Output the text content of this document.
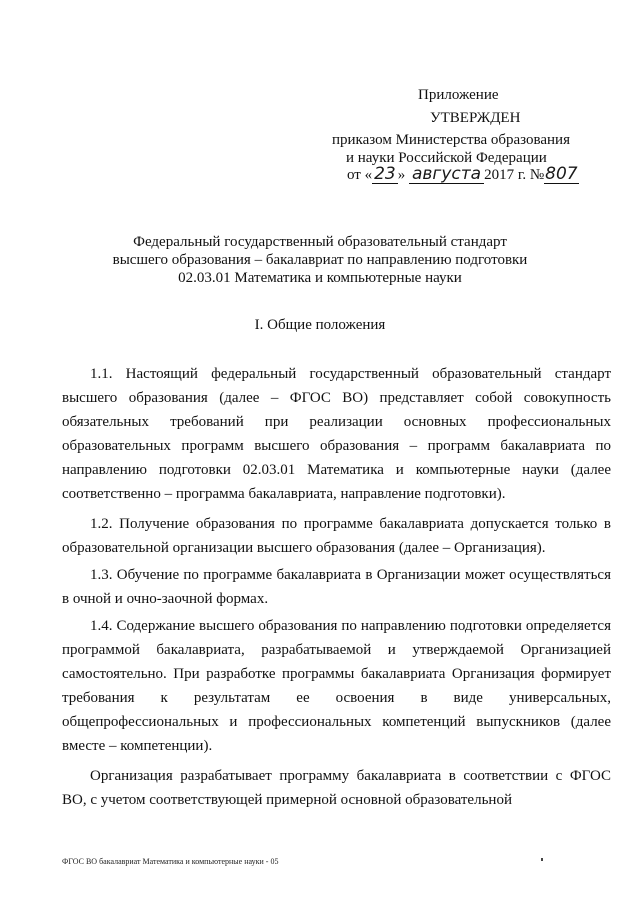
Приложение
УТВЕРЖДЕН
приказом Министерства образования
и науки Российской Федерации
от « 23 » августа 2017 г. №807
Федеральный государственный образовательный стандарт
высшего образования – бакалавриат по направлению подготовки
02.03.01 Математика и компьютерные науки
I. Общие положения

1.1. Настоящий федеральный государственный образовательный стандарт высшего образования (далее – ФГОС ВО) представляет собой совокупность обязательных требований при реализации основных профессиональных образовательных программ высшего образования – программ бакалавриата по направлению подготовки 02.03.01 Математика и компьютерные науки (далее соответственно – программа бакалавриата, направление подготовки).

1.2. Получение образования по программе бакалавриата допускается только в образовательной организации высшего образования (далее – Организация).

1.3. Обучение по программе бакалавриата в Организации может осуществляться в очной и очно-заочной формах.

1.4. Содержание высшего образования по направлению подготовки определяется программой бакалавриата, разрабатываемой и утверждаемой Организацией самостоятельно. При разработке программы бакалавриата Организация формирует требования к результатам ее освоения в виде универсальных, общепрофессиональных и профессиональных компетенций выпускников (далее вместе – компетенции).

Организация разрабатывает программу бакалавриата в соответствии с ФГОС ВО, с учетом соответствующей примерной основной образовательной

ФГОС ВО бакалавриат Математика и компьютерные науки - 05
